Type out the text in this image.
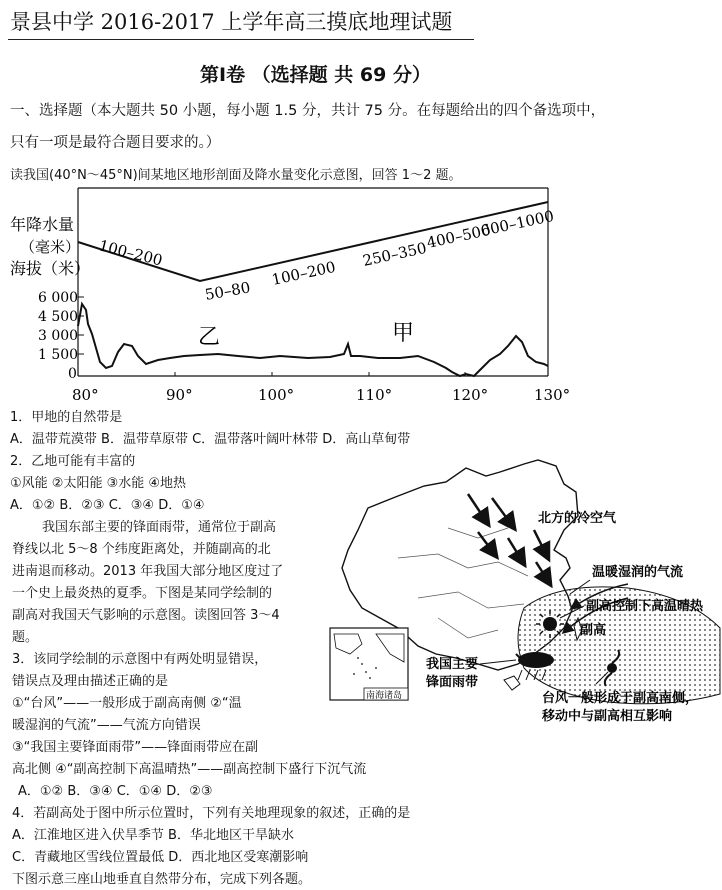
景县中学 2016-2017 上学年高三摸底地理试题
第Ⅰ卷 （选择题 共 69 分）
一、选择题（本大题共 50 小题，每小题 1.5 分，共计 75 分。在每题给出的四个备选项中，
只有一项是最符合题目要求的。）
读我国(40°N～45°N)间某地区地形剖面及降水量变化示意图，回答 1～2 题。
年降水量
（毫米）
海拔（米）
6 000
4 500
3 000
1 500
0
80°	90°	100°	110°	120°	130°
100–200
50–80
100–200
250–350
400–500
600–1000
乙	甲
1．甲地的自然带是
A．温带荒漠带 B．温带草原带 C．温带落叶阔叶林带 D．高山草甸带
2．乙地可能有丰富的
①风能 ②太阳能 ③水能 ④地热
A．①② B．②③ C．③④ D．①④
我国东部主要的锋面雨带，通常位于副高
脊线以北 5～8 个纬度距离处，并随副高的北
进南退而移动。2013 年我国大部分地区度过了
一个史上最炎热的夏季。下图是某同学绘制的
副高对我国天气影响的示意图。读图回答 3～4
题。
3．该同学绘制的示意图中有两处明显错误，
错误点及理由描述正确的是
①“台风”——一般形成于副高南侧 ②“温
暖湿润的气流”——气流方向错误
③“我国主要锋面雨带”——锋面雨带应在副
高北侧 ④“副高控制下高温晴热”——副高控制下盛行下沉气流
A．①② B．③④ C．①④ D．②③
4．若副高处于图中所示位置时，下列有关地理现象的叙述，正确的是
A．江淮地区进入伏旱季节 B．华北地区干旱缺水
C．青藏地区雪线位置最低 D．西北地区受寒潮影响
下图示意三座山地垂直自然带分布，完成下列各题。
南海诸岛
北方的冷空气
温暖湿润的气流
副高控制下高温晴热
副高
我国主要
锋面雨带
台风一般形成于副高南侧，
移动中与副高相互影响
